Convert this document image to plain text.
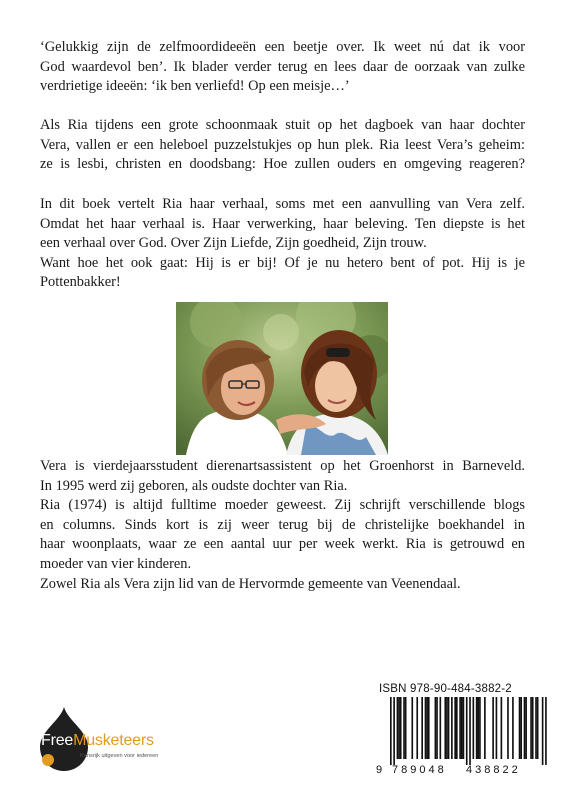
‘Gelukkig zijn de zelfmoordideeën een beetje over. Ik weet nú dat ik voor
God waardevol ben’. Ik blader verder terug en lees daar de oorzaak van zulke
verdrietige ideeën: ‘ik ben verliefd! Op een meisje…’
Als Ria tijdens een grote schoonmaak stuit op het dagboek van haar dochter
Vera, vallen er een heleboel puzzelstukjes op hun plek. Ria leest Vera’s geheim:
ze is lesbi, christen en doodsbang: Hoe zullen ouders en omgeving reageren?
In dit boek vertelt Ria haar verhaal, soms met een aanvulling van Vera zelf.
Omdat het haar verhaal is. Haar verwerking, haar beleving. Ten diepste is het
een verhaal over God. Over Zijn Liefde, Zijn goedheid, Zijn trouw.
Want hoe het ook gaat: Hij is er bij! Of je nu hetero bent of pot. Hij is je
Pottenbakker!
Vera is vierdejaarsstudent dierenartsassistent op het Groenhorst in Barneveld.
In 1995 werd zij geboren, als oudste dochter van Ria.
Ria (1974) is altijd fulltime moeder geweest. Zij schrijft verschillende blogs
en columns. Sinds kort is zij weer terug bij de christelijke boekhandel in
haar woonplaats, waar ze een aantal uur per week werkt. Ria is getrouwd en
moeder van vier kinderen.
Zowel Ria als Vera zijn lid van de Hervormde gemeente van Veenendaal.
ISBN 978-90-484-3882-2
9 789048	438822
FreeMusketeers
Kansrijk uitgeven voor iedereen
